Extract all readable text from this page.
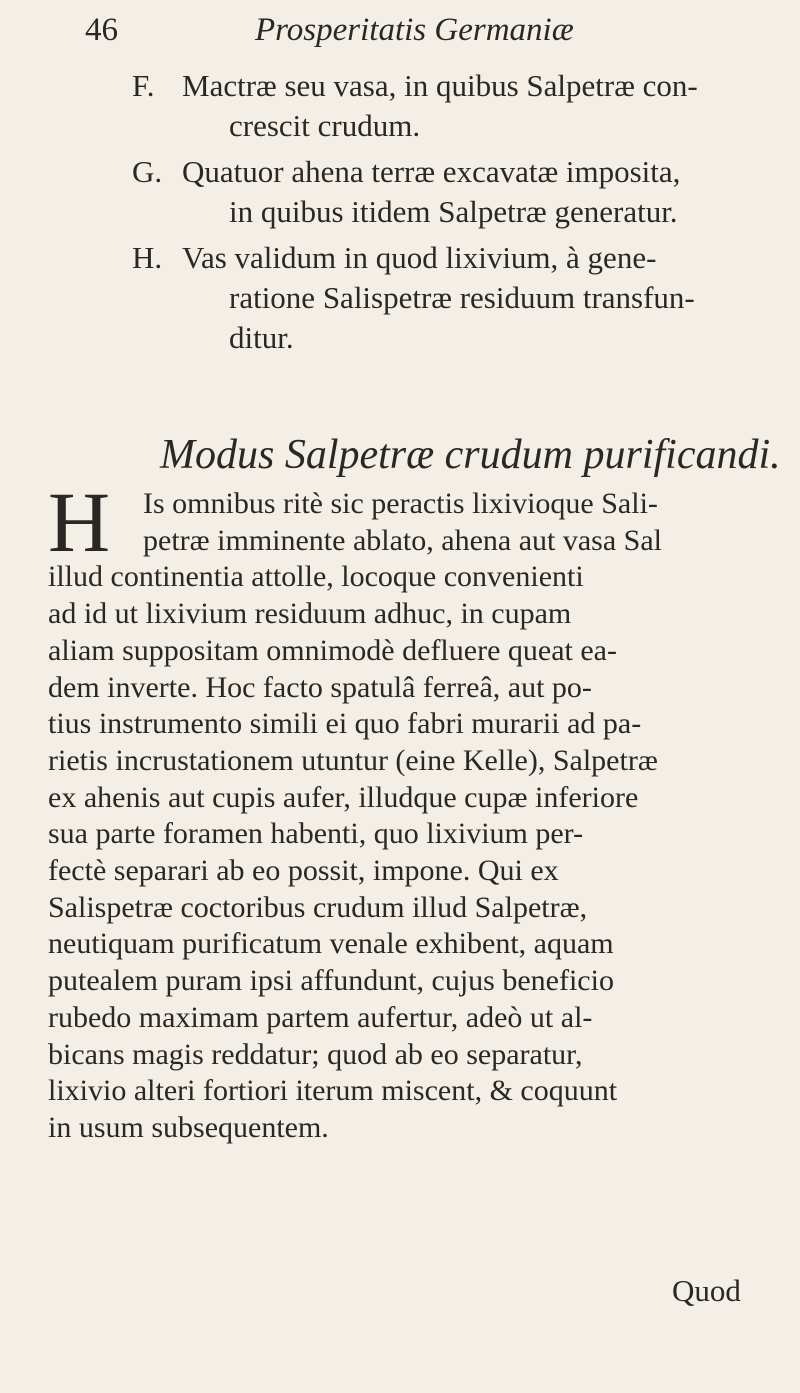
46	Prosperitatis Germaniæ
F. Mactræ seu vasa, in quibus Salpetræ con-
crescit crudum.
G. Quatuor ahena terræ excavatæ imposita,
in quibus itidem Salpetræ generatur.
H. Vas validum in quod lixivium, à gene-
ratione Salispetræ residuum transfun-
ditur.
Modus Salpetræ crudum purificandi.
H	Is omnibus ritè sic peractis lixivioque Sali-
petræ imminente ablato, ahena aut vasa Sal
illud continentia attolle, locoque convenienti
ad id ut lixivium residuum adhuc, in cupam
aliam suppositam omnimodè defluere queat ea-
dem inverte. Hoc facto spatulâ ferreâ, aut po-
tius instrumento simili ei quo fabri murarii ad pa-
rietis incrustationem utuntur (eine Kelle), Salpetræ
ex ahenis aut cupis aufer, illudque cupæ inferiore
sua parte foramen habenti, quo lixivium per-
fectè separari ab eo possit, impone. Qui ex
Salispetræ coctoribus crudum illud Salpetræ,
neutiquam purificatum venale exhibent, aquam
putealem puram ipsi affundunt, cujus beneficio
rubedo maximam partem aufertur, adeò ut al-
bicans magis reddatur; quod ab eo separatur,
lixivio alteri fortiori iterum miscent, & coquunt
in usum subsequentem.
Quod
